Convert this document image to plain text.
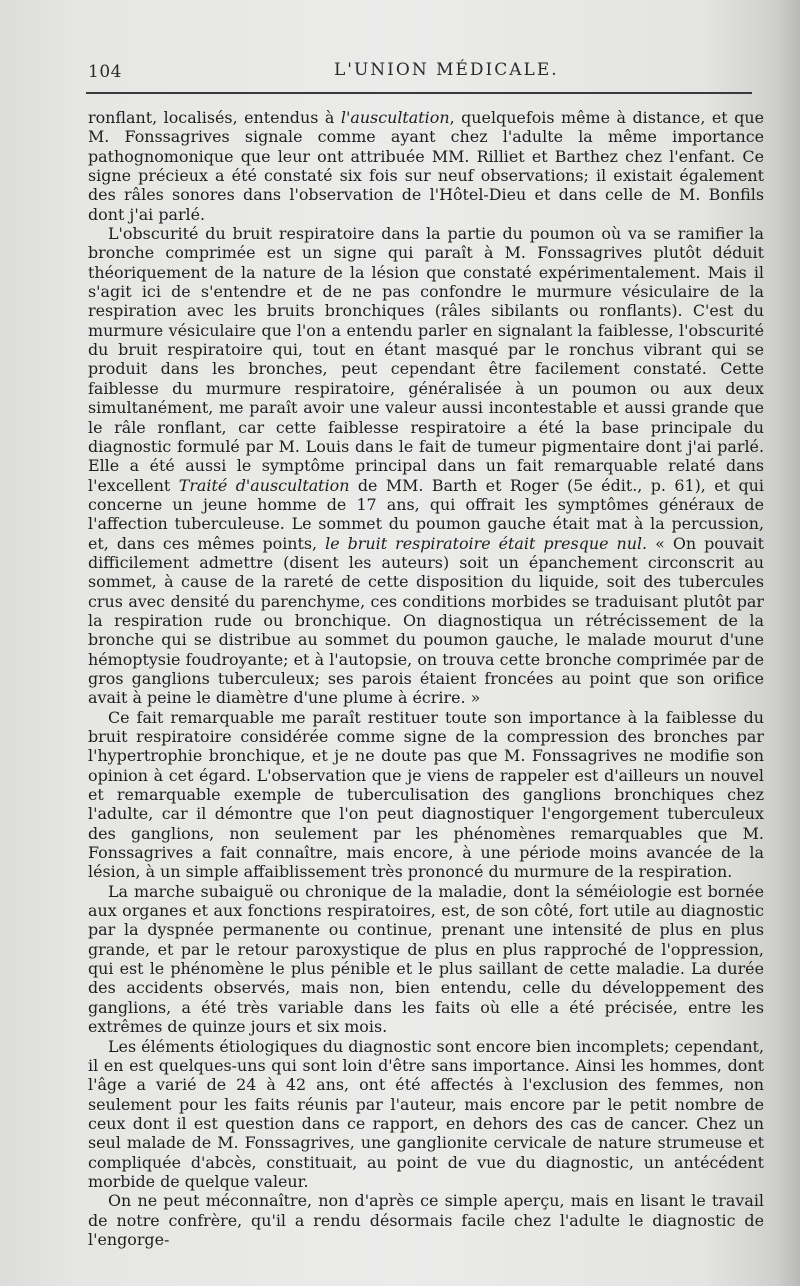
104	L'UNION MÉDICALE.

ronflant, localisés, entendus à l'auscultation, quelquefois même à distance, et que M. Fonssagrives signale comme ayant chez l'adulte la même importance pathognomonique que leur ont attribuée MM. Rilliet et Barthez chez l'enfant. Ce signe précieux a été constaté six fois sur neuf observations; il existait également des râles sonores dans l'observation de l'Hôtel-Dieu et dans celle de M. Bonfils dont j'ai parlé.

L'obscurité du bruit respiratoire dans la partie du poumon où va se ramifier la bronche comprimée est un signe qui paraît à M. Fonssagrives plutôt déduit théoriquement de la nature de la lésion que constaté expérimentalement. Mais il s'agit ici de s'entendre et de ne pas confondre le murmure vésiculaire de la respiration avec les bruits bronchiques (râles sibilants ou ronflants). C'est du murmure vésiculaire que l'on a entendu parler en signalant la faiblesse, l'obscurité du bruit respiratoire qui, tout en étant masqué par le ronchus vibrant qui se produit dans les bronches, peut cependant être facilement constaté. Cette faiblesse du murmure respiratoire, généralisée à un poumon ou aux deux simultanément, me paraît avoir une valeur aussi incontestable et aussi grande que le râle ronflant, car cette faiblesse respiratoire a été la base principale du diagnostic formulé par M. Louis dans le fait de tumeur pigmentaire dont j'ai parlé. Elle a été aussi le symptôme principal dans un fait remarquable relaté dans l'excellent Traité d'auscultation de MM. Barth et Roger (5e édit., p. 61), et qui concerne un jeune homme de 17 ans, qui offrait les symptômes généraux de l'affection tuberculeuse. Le sommet du poumon gauche était mat à la percussion, et, dans ces mêmes points, le bruit respiratoire était presque nul. « On pouvait difficilement admettre (disent les auteurs) soit un épanchement circonscrit au sommet, à cause de la rareté de cette disposition du liquide, soit des tubercules crus avec densité du parenchyme, ces conditions morbides se traduisant plutôt par la respiration rude ou bronchique. On diagnostiqua un rétrécissement de la bronche qui se distribue au sommet du poumon gauche, le malade mourut d'une hémoptysie foudroyante; et à l'autopsie, on trouva cette bronche comprimée par de gros ganglions tuberculeux; ses parois étaient froncées au point que son orifice avait à peine le diamètre d'une plume à écrire. »

Ce fait remarquable me paraît restituer toute son importance à la faiblesse du bruit respiratoire considérée comme signe de la compression des bronches par l'hypertrophie bronchique, et je ne doute pas que M. Fonssagrives ne modifie son opinion à cet égard. L'observation que je viens de rappeler est d'ailleurs un nouvel et remarquable exemple de tuberculisation des ganglions bronchiques chez l'adulte, car il démontre que l'on peut diagnostiquer l'engorgement tuberculeux des ganglions, non seulement par les phénomènes remarquables que M. Fonssagrives a fait connaître, mais encore, à une période moins avancée de la lésion, à un simple affaiblissement très prononcé du murmure de la respiration.

La marche subaiguë ou chronique de la maladie, dont la séméiologie est bornée aux organes et aux fonctions respiratoires, est, de son côté, fort utile au diagnostic par la dyspnée permanente ou continue, prenant une intensité de plus en plus grande, et par le retour paroxystique de plus en plus rapproché de l'oppression, qui est le phénomène le plus pénible et le plus saillant de cette maladie. La durée des accidents observés, mais non, bien entendu, celle du développement des ganglions, a été très variable dans les faits où elle a été précisée, entre les extrêmes de quinze jours et six mois.

Les éléments étiologiques du diagnostic sont encore bien incomplets; cependant, il en est quelques-uns qui sont loin d'être sans importance. Ainsi les hommes, dont l'âge a varié de 24 à 42 ans, ont été affectés à l'exclusion des femmes, non seulement pour les faits réunis par l'auteur, mais encore par le petit nombre de ceux dont il est question dans ce rapport, en dehors des cas de cancer. Chez un seul malade de M. Fonssagrives, une ganglionite cervicale de nature strumeuse et compliquée d'abcès, constituait, au point de vue du diagnostic, un antécédent morbide de quelque valeur.

On ne peut méconnaître, non d'après ce simple aperçu, mais en lisant le travail de notre confrère, qu'il a rendu désormais facile chez l'adulte le diagnostic de l'engorge-
